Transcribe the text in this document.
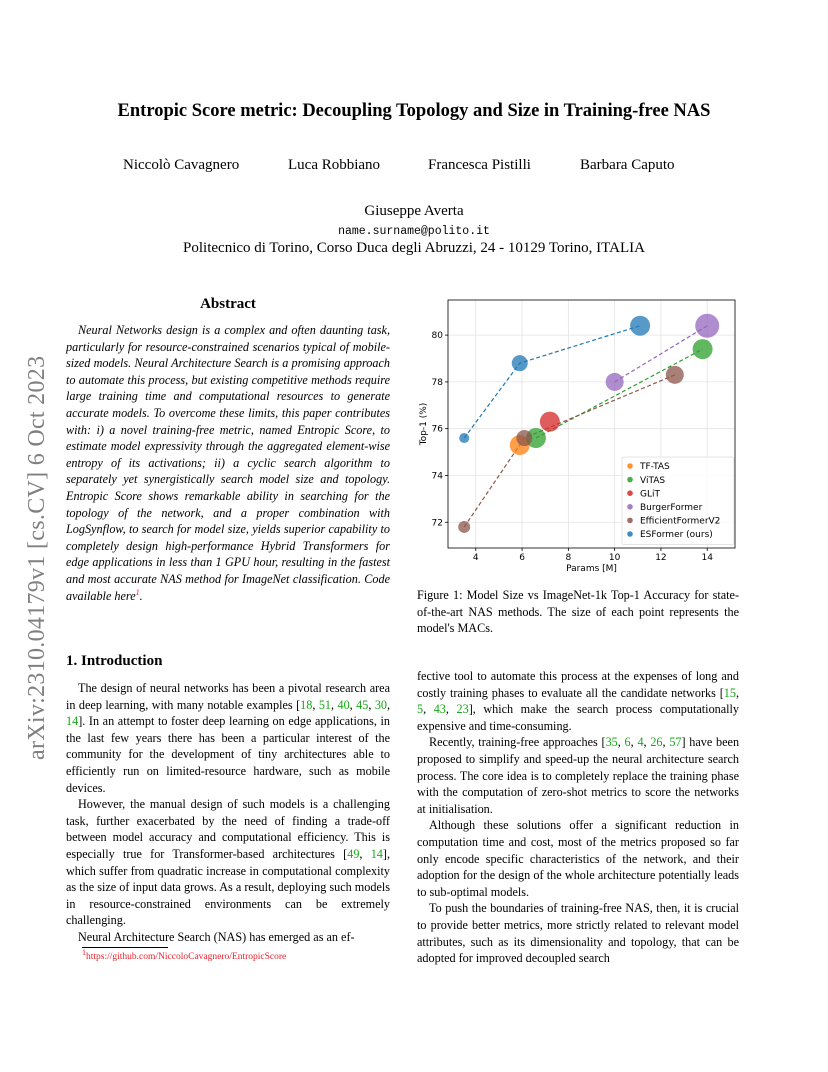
arXiv:2310.04179v1 [cs.CV] 6 Oct 2023
Entropic Score metric: Decoupling Topology and Size in Training-free NAS
Niccolò Cavagnero	Luca Robbiano	Francesca Pistilli	Barbara Caputo
Giuseppe Averta
name.surname@polito.it
Politecnico di Torino, Corso Duca degli Abruzzi, 24 - 10129 Torino, ITALIA
Abstract

Neural Networks design is a complex and often daunting task, particularly for resource-constrained scenarios typical of mobile-sized models. Neural Architecture Search is a promising approach to automate this process, but existing competitive methods require large training time and computational resources to generate accurate models. To overcome these limits, this paper contributes with: i) a novel training-free metric, named Entropic Score, to estimate model expressivity through the aggregated element-wise entropy of its activations; ii) a cyclic search algorithm to separately yet synergistically search model size and topology. Entropic Score shows remarkable ability in searching for the topology of the network, and a proper combination with LogSynflow, to search for model size, yields superior capability to completely design high-performance Hybrid Transformers for edge applications in less than 1 GPU hour, resulting in the fastest and most accurate NAS method for ImageNet classification. Code available here$^1$.

1. Introduction

The design of neural networks has been a pivotal research area in deep learning, with many notable examples [18, 51, 40, 45, 30, 14]. In an attempt to foster deep learning on edge applications, in the last few years there has been a particular interest of the community for the development of tiny architectures able to efficiently run on limited-resource hardware, such as mobile devices.

However, the manual design of such models is a challenging task, further exacerbated by the need of finding a trade-off between model accuracy and computational efficiency. This is especially true for Transformer-based architectures [49, 14], which suffer from quadratic increase in computational complexity as the size of input data grows. As a result, deploying such models in resource-constrained environments can be extremely challenging.

Neural Architecture Search (NAS) has emerged as an ef-

$^1$https://github.com/NiccoloCavagnero/EntropicScore
4	6	8	10	12	14
72
74
76
78
80
Params [M]
Top-1 (%)
TF-TAS
ViTAS
GLiT
BurgerFormer
EfficientFormerV2
ESFormer (ours)
Figure 1: Model Size vs ImageNet-1k Top-1 Accuracy for state-of-the-art NAS methods. The size of each point represents the model's MACs.

fective tool to automate this process at the expenses of long and costly training phases to evaluate all the candidate networks [15, 5, 43, 23], which make the search process computationally expensive and time-consuming.

Recently, training-free approaches [35, 6, 4, 26, 57] have been proposed to simplify and speed-up the neural architecture search process. The core idea is to completely replace the training phase with the computation of zero-shot metrics to score the networks at initialisation.

Although these solutions offer a significant reduction in computation time and cost, most of the metrics proposed so far only encode specific characteristics of the network, and their adoption for the design of the whole architecture potentially leads to sub-optimal models.

To push the boundaries of training-free NAS, then, it is crucial to provide better metrics, more strictly related to relevant model attributes, such as its dimensionality and topology, that can be adopted for improved decoupled search
